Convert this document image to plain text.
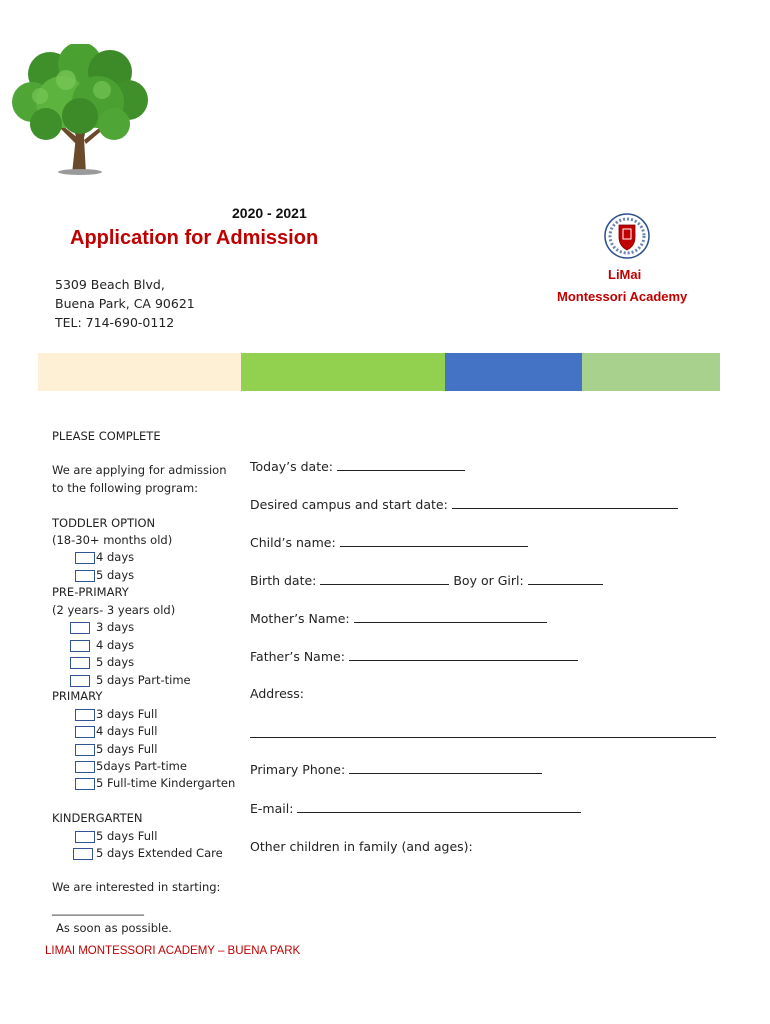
2020 - 2021
Application for Admission
5309 Beach Blvd,
Buena Park, CA 90621
TEL: 714-690-0112
LiMai
Montessori Academy
PLEASE COMPLETE
We are applying for admission
to the following program:
TODDLER OPTION
(18-30+ months old)
4 days
5 days
PRE-PRIMARY
(2 years- 3 years old)
3 days
4 days
5 days
5 days Part-time
PRIMARY
3 days Full
4 days Full
5 days Full
5days Part-time
5 Full-time Kindergarten
KINDERGARTEN
5 days Full
5 days Extended Care
We are interested in starting:
________________
As soon as possible.
Today’s date:
Desired campus and start date:
Child’s name:
Birth date:	Boy or Girl:
Mother’s Name:
Father’s Name:
Address:
Primary Phone:
E-mail:
Other children in family (and ages):
LIMAI MONTESSORI ACADEMY – BUENA PARK
